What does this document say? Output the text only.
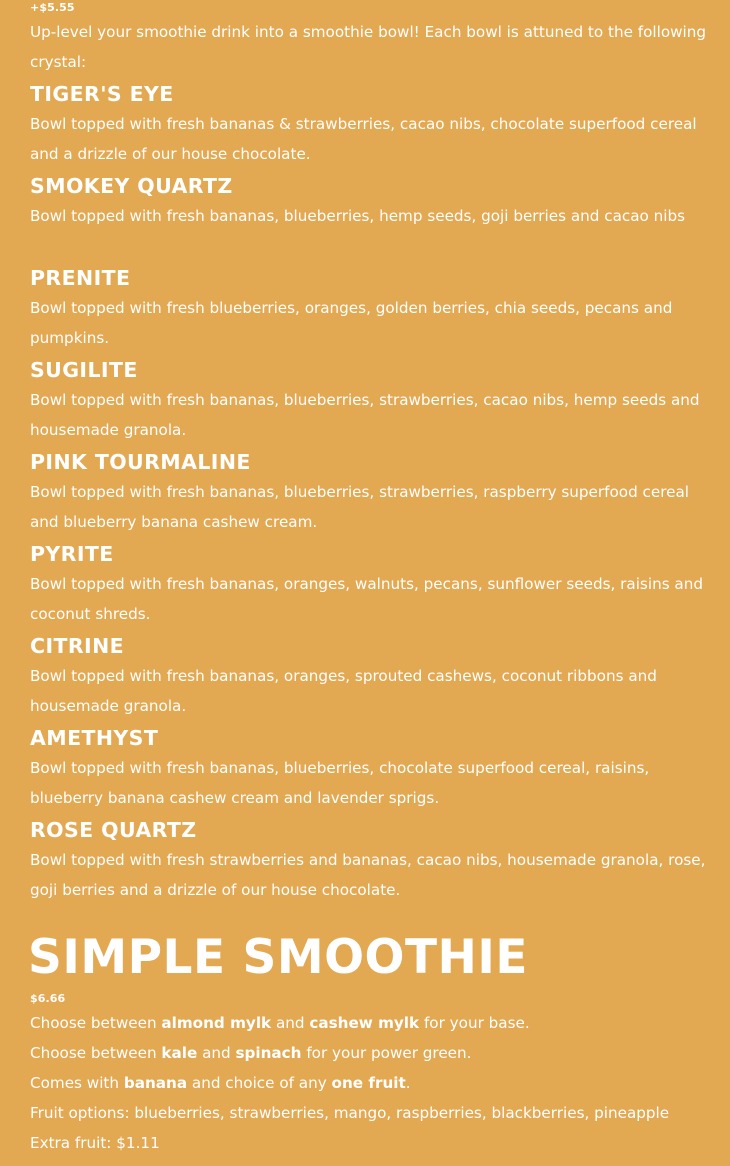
+$5.55

Up-level your smoothie drink into a smoothie bowl! Each bowl is attuned to the following crystal:

TIGER'S EYE

Bowl topped with fresh bananas & strawberries, cacao nibs, chocolate superfood cereal and a drizzle of our house chocolate.

SMOKEY QUARTZ

Bowl topped with fresh bananas, blueberries, hemp seeds, goji berries and cacao nibs

PRENITE

Bowl topped with fresh blueberries, oranges, golden berries, chia seeds, pecans and pumpkins.

SUGILITE

Bowl topped with fresh bananas, blueberries, strawberries, cacao nibs, hemp seeds and housemade granola.

PINK TOURMALINE

Bowl topped with fresh bananas, blueberries, strawberries, raspberry superfood cereal and blueberry banana cashew cream.

PYRITE

Bowl topped with fresh bananas, oranges, walnuts, pecans, sunflower seeds, raisins and coconut shreds.

CITRINE

Bowl topped with fresh bananas, oranges, sprouted cashews, coconut ribbons and housemade granola.

AMETHYST

Bowl topped with fresh bananas, blueberries, chocolate superfood cereal, raisins, blueberry banana cashew cream and lavender sprigs.

ROSE QUARTZ

Bowl topped with fresh strawberries and bananas, cacao nibs, housemade granola, rose, goji berries and a drizzle of our house chocolate.

SIMPLE SMOOTHIE
$6.66
Choose between almond mylk and cashew mylk for your base.
Choose between kale and spinach for your power green.
Comes with banana and choice of any one fruit.
Fruit options: blueberries, strawberries, mango, raspberries, blackberries, pineapple
Extra fruit: $1.11
